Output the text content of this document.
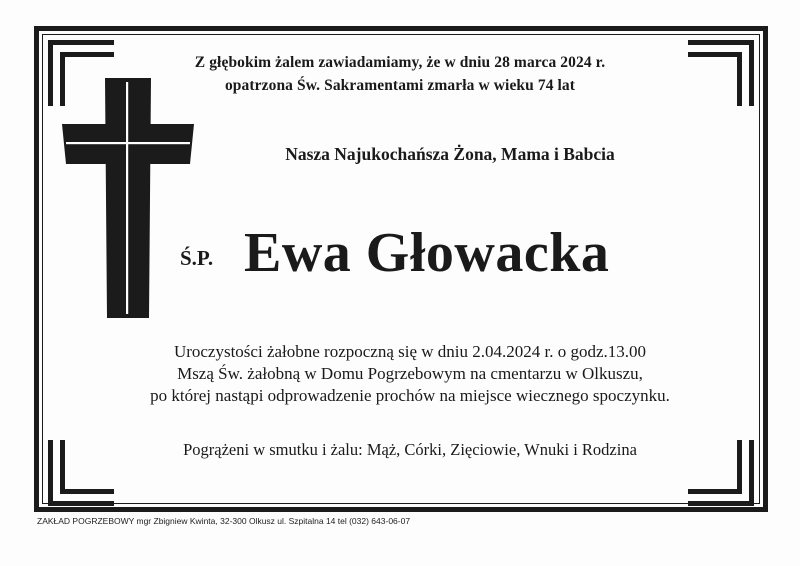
Z głębokim żalem zawiadamiamy, że w dniu 28 marca 2024 r.
opatrzona Św. Sakramentami zmarła w wieku 74 lat
Nasza Najukochańsza Żona, Mama i Babcia
Ś.P. Ewa Głowacka
Uroczystości żałobne rozpoczną się w dniu 2.04.2024 r. o godz.13.00
Mszą Św. żałobną w Domu Pogrzebowym na cmentarzu w Olkuszu,
po której nastąpi odprowadzenie prochów na miejsce wiecznego spoczynku.
Pogrążeni w smutku i żalu: Mąż, Córki, Zięciowie, Wnuki i Rodzina
ZAKŁAD POGRZEBOWY mgr Zbigniew Kwinta, 32-300 Olkusz ul. Szpitalna 14 tel (032) 643-06-07
